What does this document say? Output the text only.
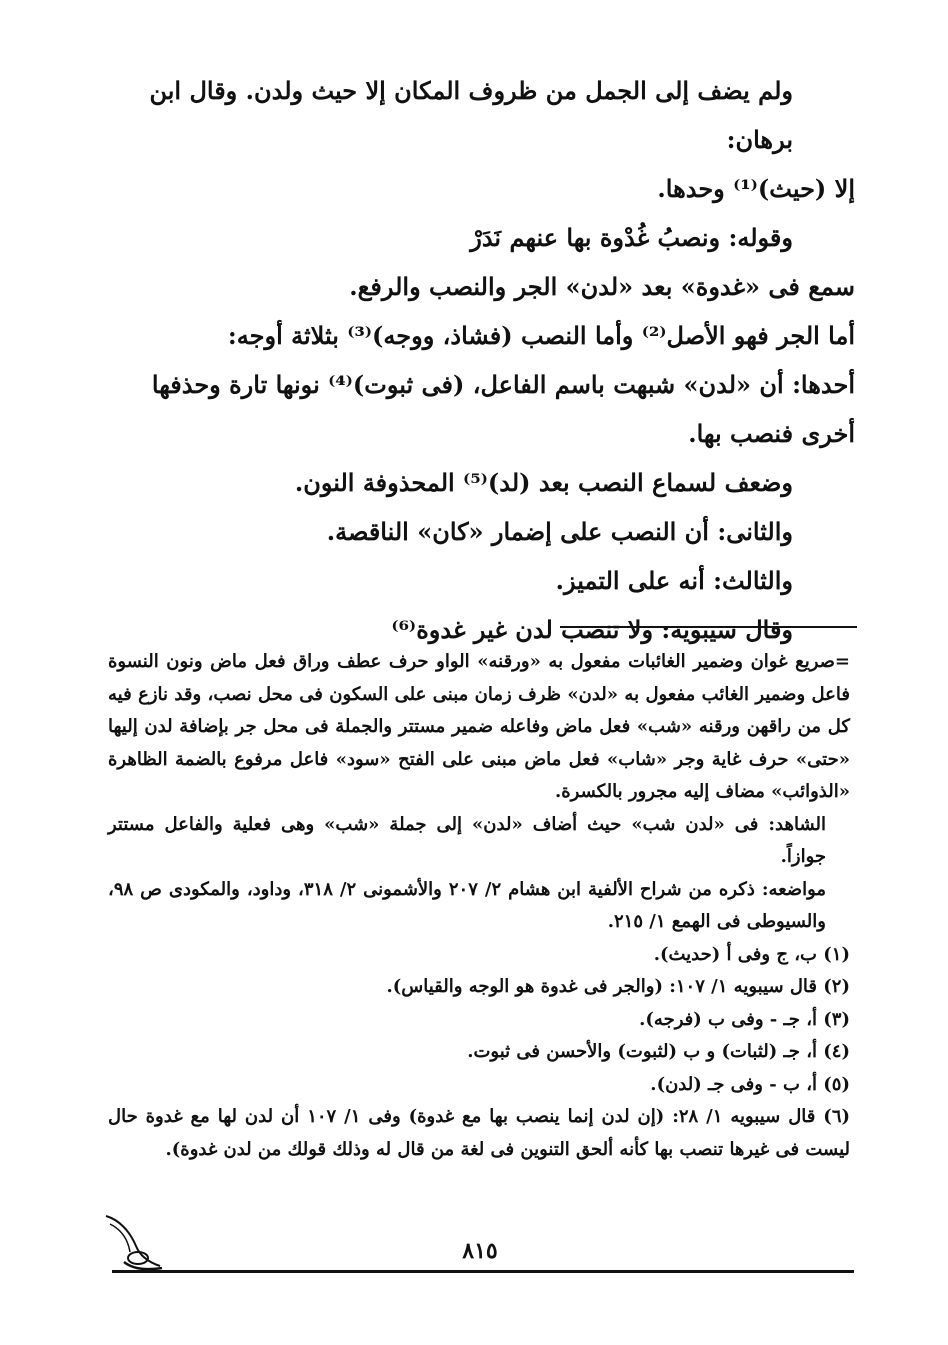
ولم يضف إلى الجمل من ظروف المكان إلا حيث ولدن. وقال ابن برهان:

إلا (حيث)⁽¹⁾ وحدها.

وقوله: ونصبُ غُدْوة بها عنهم نَدَرْ

سمع فى «غدوة» بعد «لدن» الجر والنصب والرفع.

أما الجر فهو الأصل⁽²⁾ وأما النصب (فشاذ، ووجه)⁽³⁾ بثلاثة أوجه:

أحدها: أن «لدن» شبهت باسم الفاعل، (فى ثبوت)⁽⁴⁾ نونها تارة وحذفها

أخرى فنصب بها.

وضعف لسماع النصب بعد (لد)⁽⁵⁾ المحذوفة النون.

والثانى: أن النصب على إضمار «كان» الناقصة.

والثالث: أنه على التميز.

وقال سيبويه: ولا تنصب لدن غير غدوة⁽⁶⁾

=صريع غوان وضمير الغائبات مفعول به «ورقنه» الواو حرف عطف وراق فعل ماض ونون النسوة فاعل وضمير الغائب مفعول به «لدن» ظرف زمان مبنى على السكون فى محل نصب، وقد نازع فيه كل من راقهن ورقنه «شب» فعل ماض وفاعله ضمير مستتر والجملة فى محل جر بإضافة لدن إليها «حتى» حرف غاية وجر «شاب» فعل ماض مبنى على الفتح «سود» فاعل مرفوع بالضمة الظاهرة «الذوائب» مضاف إليه مجرور بالكسرة.

الشاهد: فى «لدن شب» حيث أضاف «لدن» إلى جملة «شب» وهى فعلية والفاعل مستتر جوازاً.

مواضعه: ذكره من شراح الألفية ابن هشام ٢/ ٢٠٧ والأشمونى ٢/ ٣١٨، وداود، والمكودى ص ٩٨، والسيوطى فى الهمع ١/ ٢١٥.

(١) ب، ج وفى أ (حديث).

(٢) قال سيبويه ١/ ١٠٧: (والجر فى غدوة هو الوجه والقياس).

(٣) أ، جـ - وفى ب (فرجه).

(٤) أ، جـ (لثبات) و ب (لثبوت) والأحسن فى ثبوت.

(٥) أ، ب - وفى جـ (لدن).

(٦) قال سيبويه ١/ ٢٨: (إن لدن إنما ينصب بها مع غدوة) وفى ١/ ١٠٧ أن لدن لها مع غدوة حال ليست فى غيرها تنصب بها كأنه ألحق التنوين فى لغة من قال له وذلك قولك من لدن غدوة).

٨١٥
